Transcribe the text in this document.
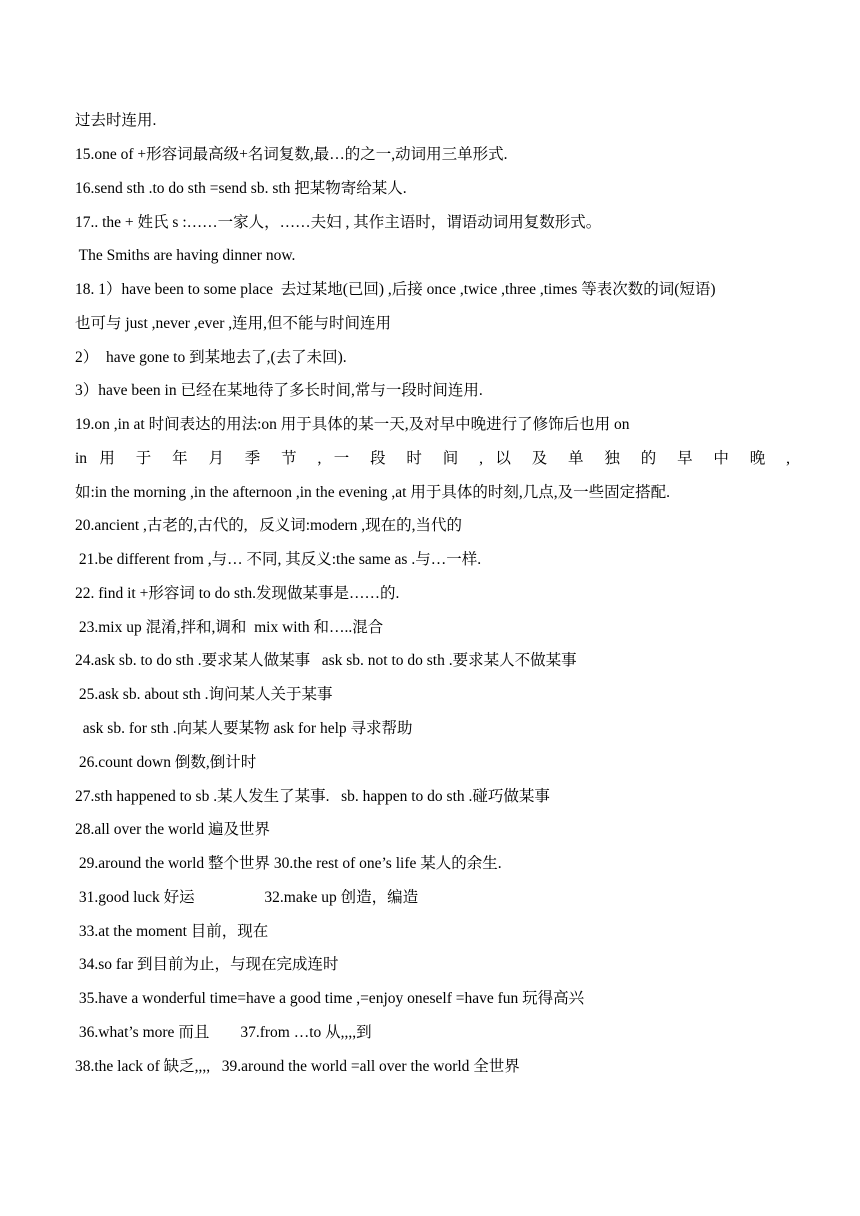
过去时连用.
15.one of +形容词最高级+名词复数,最…的之一,动词用三单形式.
16.send sth .to do sth =send sb. sth 把某物寄给某人.
17.. the + 姓氏 s :……一家人，……夫妇 , 其作主语时，谓语动词用复数形式。
The Smiths are having dinner now.
18. 1）have been to some place  去过某地(已回) ,后接 once ,twice ,three ,times 等表次数的词(短语)
也可与 just ,never ,ever ,连用,但不能与时间连用
2）  have gone to 到某地去了,(去了未回).
3）have been in 已经在某地待了多长时间,常与一段时间连用.
19.on ,in at 时间表达的用法:on 用于具体的某一天,及对早中晚进行了修饰后也用 on
in 用 于 年 月 季 节 , 一 段 时 间 , 以 及 单 独 的 早 中 晚 ,
如:in the morning ,in the afternoon ,in the evening ,at 用于具体的时刻,几点,及一些固定搭配.
20.ancient ,古老的,古代的,   反义词:modern ,现在的,当代的
21.be different from ,与… 不同, 其反义:the same as .与…一样.
22. find it +形容词 to do sth.发现做某事是……的.
23.mix up 混淆,拌和,调和  mix with 和…..混合
24.ask sb. to do sth .要求某人做某事   ask sb. not to do sth .要求某人不做某事
25.ask sb. about sth .询问某人关于某事
ask sb. for sth .向某人要某物 ask for help 寻求帮助
26.count down 倒数,倒计时
27.sth happened to sb .某人发生了某事.   sb. happen to do sth .碰巧做某事
28.all over the world 遍及世界
29.around the world 整个世界 30.the rest of one’s life 某人的余生.
31.good luck 好运                  32.make up 创造，编造
33.at the moment 目前，现在
34.so far 到目前为止，与现在完成连时
35.have a wonderful time=have a good time ,=enjoy oneself =have fun 玩得高兴
36.what’s more 而且        37.from …to 从,,,,到
38.the lack of 缺乏,,,,   39.around the world =all over the world 全世界
